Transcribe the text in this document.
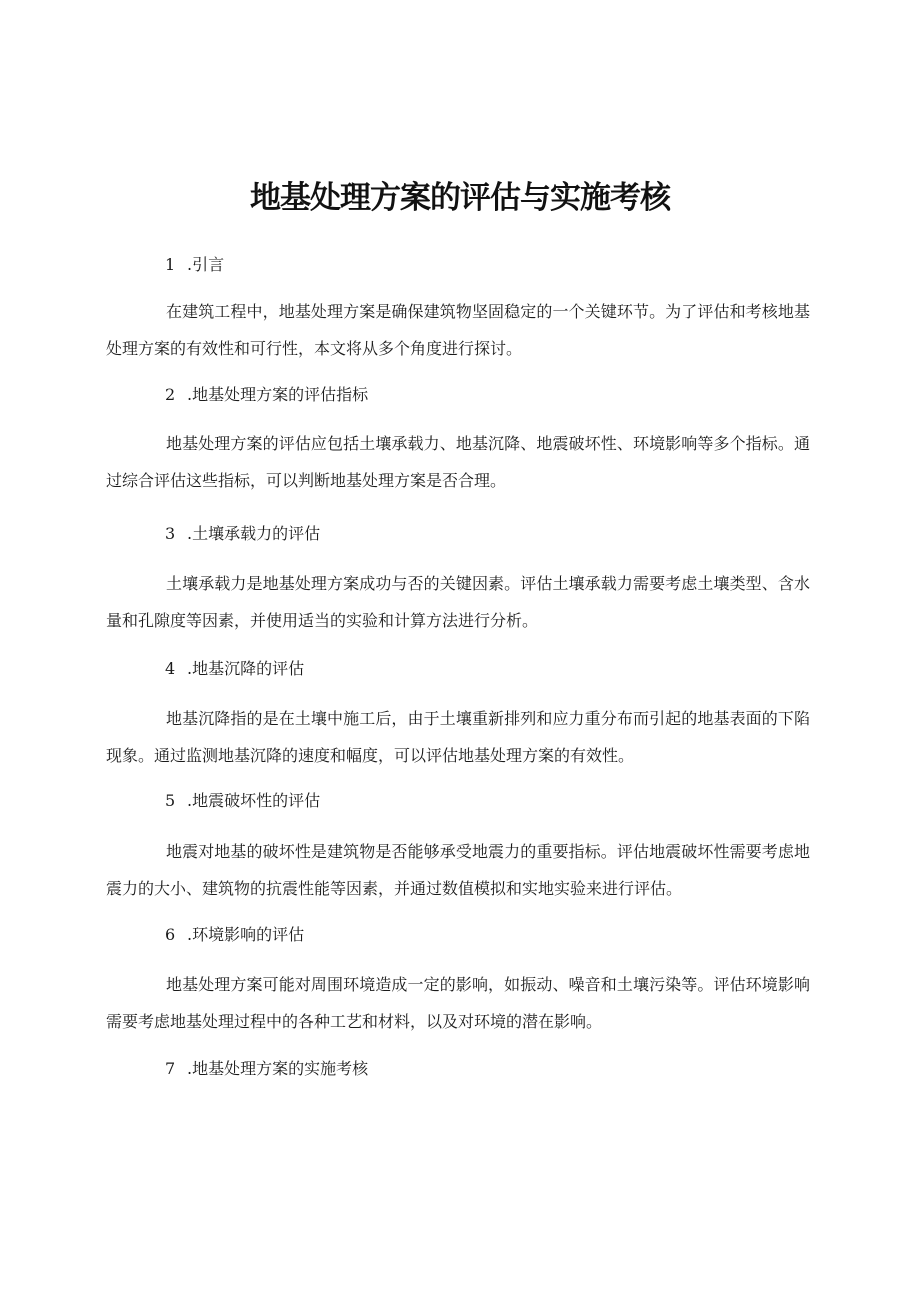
地基处理方案的评估与实施考核

1 .引言

在建筑工程中，地基处理方案是确保建筑物坚固稳定的一个关键环节。为了评估和考核地基处理方案的有效性和可行性，本文将从多个角度进行探讨。

2 .地基处理方案的评估指标

地基处理方案的评估应包括土壤承载力、地基沉降、地震破坏性、环境影响等多个指标。通过综合评估这些指标，可以判断地基处理方案是否合理。

3 .土壤承载力的评估

土壤承载力是地基处理方案成功与否的关键因素。评估土壤承载力需要考虑土壤类型、含水量和孔隙度等因素，并使用适当的实验和计算方法进行分析。

4 .地基沉降的评估

地基沉降指的是在土壤中施工后，由于土壤重新排列和应力重分布而引起的地基表面的下陷现象。通过监测地基沉降的速度和幅度，可以评估地基处理方案的有效性。

5 .地震破坏性的评估

地震对地基的破坏性是建筑物是否能够承受地震力的重要指标。评估地震破坏性需要考虑地震力的大小、建筑物的抗震性能等因素，并通过数值模拟和实地实验来进行评估。

6 .环境影响的评估

地基处理方案可能对周围环境造成一定的影响，如振动、噪音和土壤污染等。评估环境影响需要考虑地基处理过程中的各种工艺和材料，以及对环境的潜在影响。

7 .地基处理方案的实施考核
